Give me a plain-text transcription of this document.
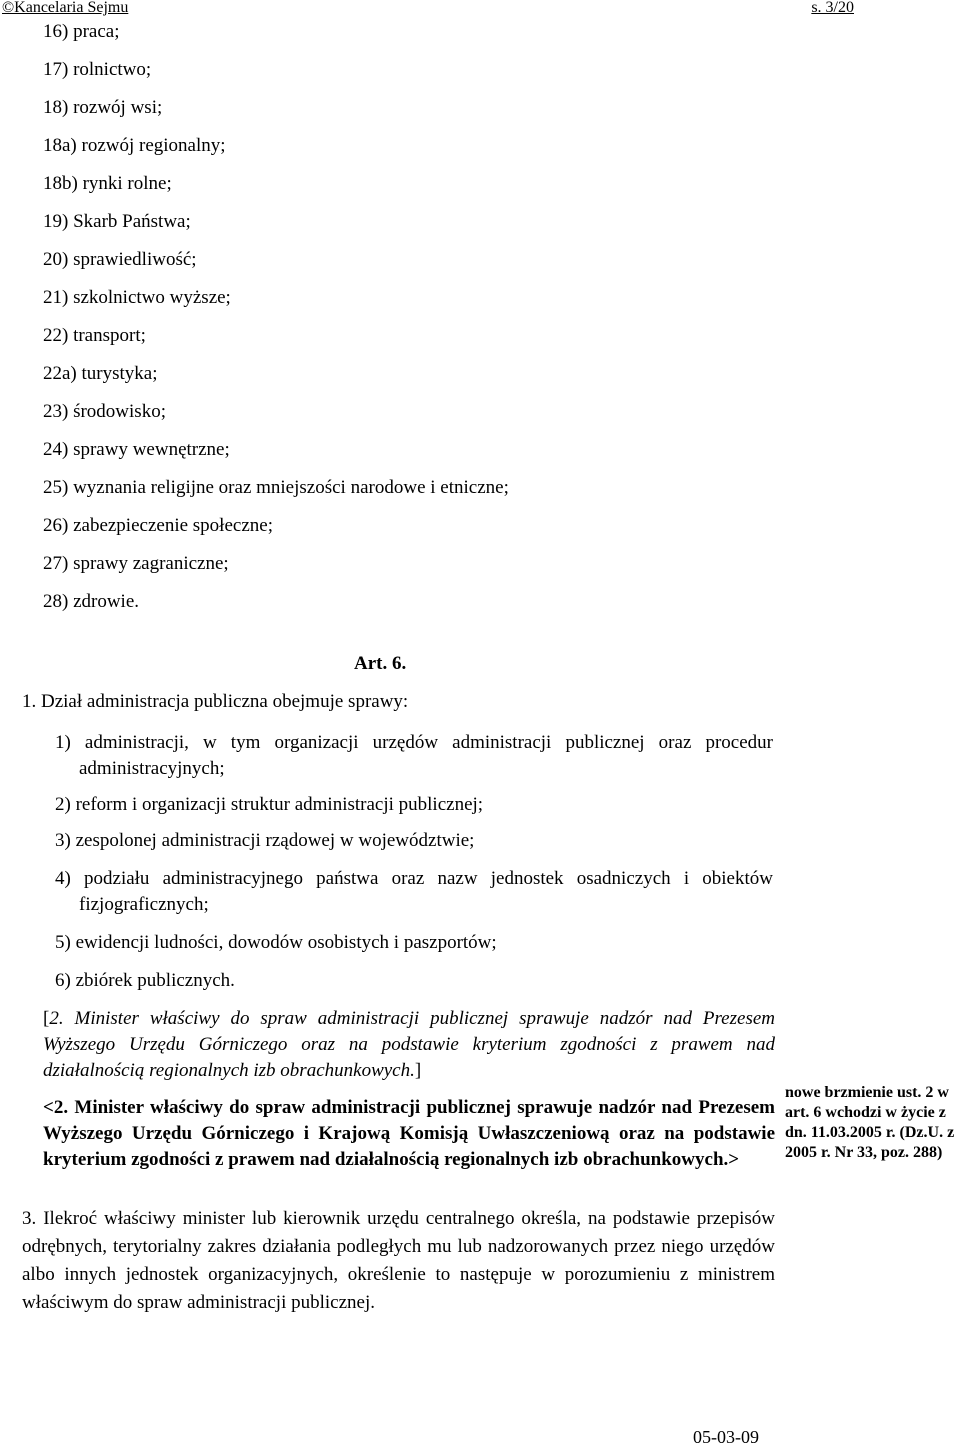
©Kancelaria Sejmu	s. 3/20
16) praca;
17) rolnictwo;
18) rozwój wsi;
18a) rozwój regionalny;
18b) rynki rolne;
19) Skarb Państwa;
20) sprawiedliwość;
21) szkolnictwo wyższe;
22) transport;
22a) turystyka;
23) środowisko;
24) sprawy wewnętrzne;
25) wyznania religijne oraz mniejszości narodowe i etniczne;
26) zabezpieczenie społeczne;
27) sprawy zagraniczne;
28) zdrowie.
Art. 6.
1. Dział administracja publiczna obejmuje sprawy:
1) administracji, w tym organizacji urzędów administracji publicznej oraz procedur administracyjnych;
2) reform i organizacji struktur administracji publicznej;
3) zespolonej administracji rządowej w województwie;
4) podziału administracyjnego państwa oraz nazw jednostek osadniczych i obiektów fizjograficznych;
5) ewidencji ludności, dowodów osobistych i paszportów;
6) zbiórek publicznych.
[2. Minister właściwy do spraw administracji publicznej sprawuje nadzór nad Prezesem Wyższego Urzędu Górniczego oraz na podstawie kryterium zgodności z prawem nad działalnością regionalnych izb obrachunkowych.]
<2. Minister właściwy do spraw administracji publicznej sprawuje nadzór nad Prezesem Wyższego Urzędu Górniczego i Krajową Komisją Uwłaszczeniową oraz na podstawie kryterium zgodności z prawem nad działalnością regionalnych izb obrachunkowych.>
3. Ilekroć właściwy minister lub kierownik urzędu centralnego określa, na podstawie przepisów odrębnych, terytorialny zakres działania podległych mu lub nadzorowanych przez niego urzędów albo innych jednostek organizacyjnych, określenie to następuje w porozumieniu z ministrem właściwym do spraw administracji publicznej.
nowe brzmienie ust. 2 w art. 6 wchodzi w życie z dn. 11.03.2005 r. (Dz.U. z 2005 r. Nr 33, poz. 288)
05-03-09
